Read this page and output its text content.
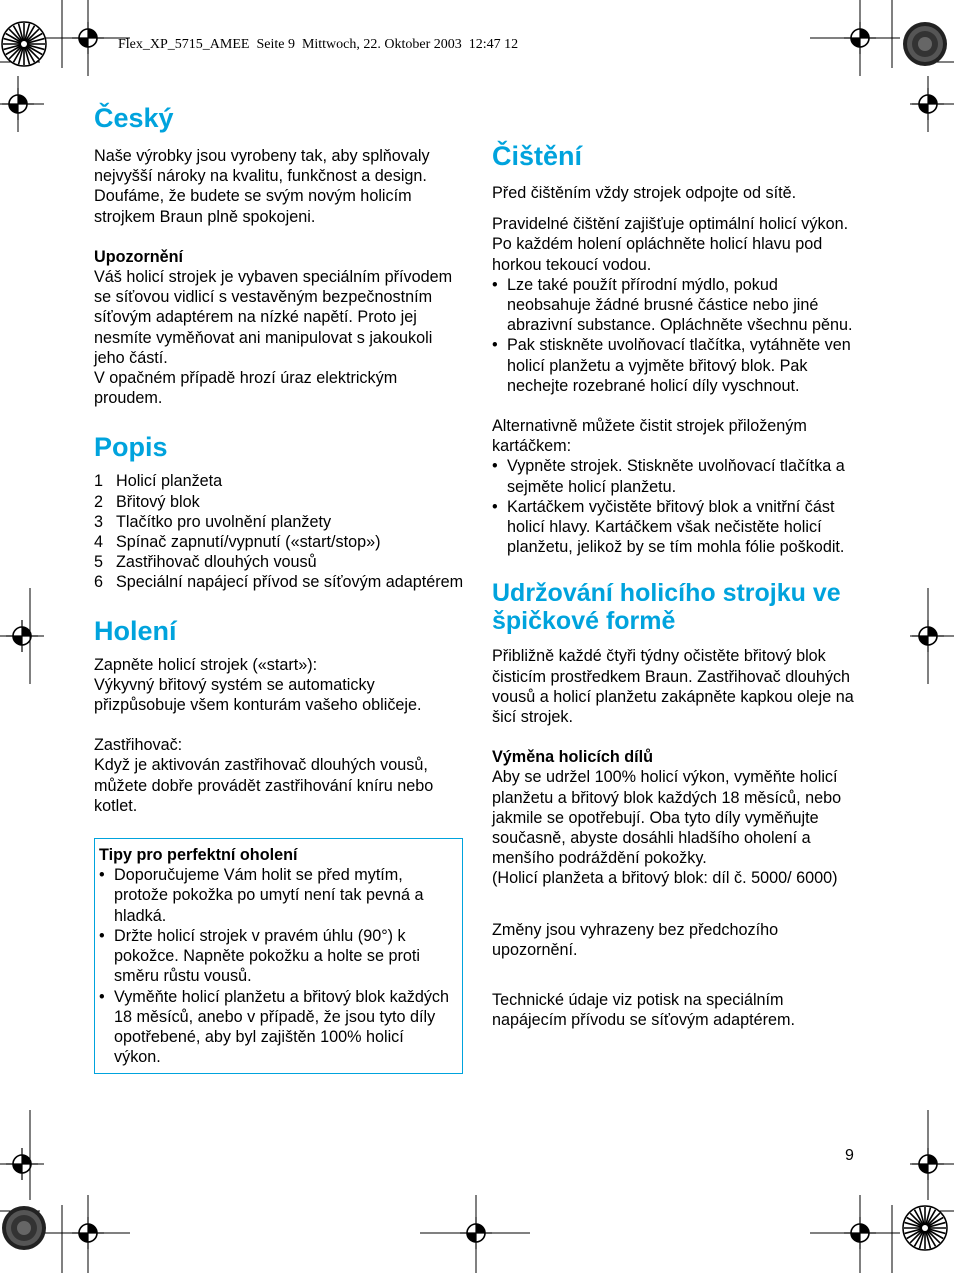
Flex_XP_5715_AMEE  Seite 9  Mittwoch, 22. Oktober 2003  12:47 12
Český

Naše výrobky jsou vyrobeny tak, aby splňovaly nejvyšší nároky na kvalitu, funkčnost a design. Doufáme, že budete se svým novým holicím strojkem Braun plně spokojeni.

Upozornění

Váš holicí strojek je vybaven speciálním přívodem se síťovou vidlicí s vestavěným bezpečnostním síťovým adaptérem na nízké napětí. Proto jej nesmíte vyměňovat ani manipulovat s jakoukoli jeho částí.

V opačném případě hrozí úraz elektrickým proudem.

Popis
1 Holicí planžeta
2 Břitový blok
3 Tlačítko pro uvolnění planžety
4 Spínač zapnutí/vypnutí («start/stop»)
5 Zastřihovač dlouhých vousů
6 Speciální napájecí přívod se síťovým adaptérem
Holení

Zapněte holicí strojek («start»):

Výkyvný břitový systém se automaticky přizpůsobuje všem konturám vašeho obličeje.

Zastřihovač:

Když je aktivován zastřihovač dlouhých vousů, můžete dobře provádět zastřihování kníru nebo kotlet.

Tipy pro perfektní oholení

• Doporučujeme Vám holit se před mytím, protože pokožka po umytí není tak pevná a hladká.
• Držte holicí strojek v pravém úhlu (90°) k pokožce. Napněte pokožku a holte se proti směru růstu vousů.
• Vyměňte holicí planžetu a břitový blok každých 18 měsíců, anebo v případě, že jsou tyto díly opotřebené, aby byl zajištěn 100% holicí výkon.
Čištění

Před čištěním vždy strojek odpojte od sítě.

Pravidelné čištění zajišťuje optimální holicí výkon. Po každém holení opláchněte holicí hlavu pod horkou tekoucí vodou.

• Lze také použít přírodní mýdlo, pokud neobsahuje žádné brusné částice nebo jiné abrazivní substance. Opláchněte všechnu pěnu.
• Pak stiskněte uvolňovací tlačítka, vytáhněte ven holicí planžetu a vyjměte břitový blok. Pak nechejte rozebrané holicí díly vyschnout.

Alternativně můžete čistit strojek přiloženým kartáčkem:

• Vypněte strojek. Stiskněte uvolňovací tlačítka a sejměte holicí planžetu.
• Kartáčkem vyčistěte břitový blok a vnitřní část holicí hlavy. Kartáčkem však nečistěte holicí planžetu, jelikož by se tím mohla fólie poškodit.
Udržování holicího strojku ve špičkové formě

Přibližně každé čtyři týdny očistěte břitový blok čisticím prostředkem Braun. Zastřihovač dlouhých vousů a holicí planžetu zakápněte kapkou oleje na šicí strojek.

Výměna holicích dílů

Aby se udržel 100% holicí výkon, vyměňte holicí planžetu a břitový blok každých 18 měsíců, nebo jakmile se opotřebují. Oba tyto díly vyměňujte současně, abyste dosáhli hladšího oholení a menšího podráždění pokožky.

(Holicí planžeta a břitový blok: díl č. 5000/ 6000)

Změny jsou vyhrazeny bez předchozího upozornění.

Technické údaje viz potisk na speciálním napájecím přívodu se síťovým adaptérem.

9
